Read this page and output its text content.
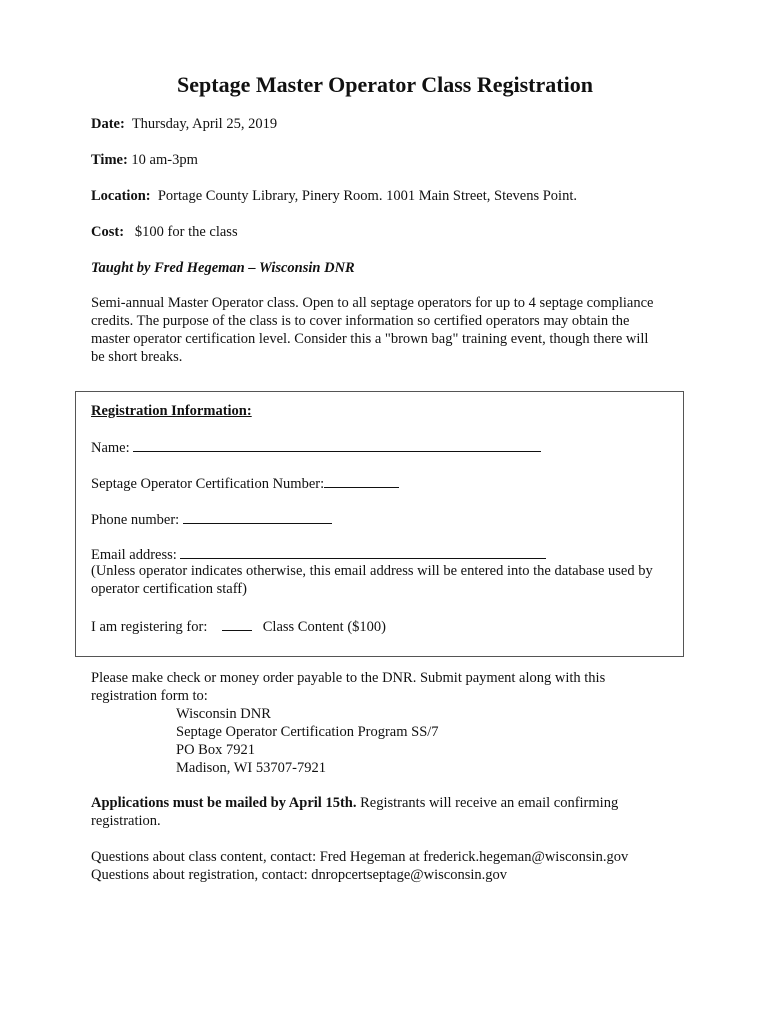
Septage Master Operator Class Registration
Date: Thursday, April 25, 2019
Time: 10 am-3pm
Location: Portage County Library, Pinery Room. 1001 Main Street, Stevens Point.
Cost: $100 for the class
Taught by Fred Hegeman – Wisconsin DNR

Semi-annual Master Operator class. Open to all septage operators for up to 4 septage compliance

credits. The purpose of the class is to cover information so certified operators may obtain the

master operator certification level. Consider this a "brown bag" training event, though there will

be short breaks.

Registration Information:
Name:
Septage Operator Certification Number:
Phone number:
Email address:
(Unless operator indicates otherwise, this email address will be entered into the database used by
operator certification staff)
I am registering for:	Class Content ($100)
Please make check or money order payable to the DNR. Submit payment along with this
registration form to:
Wisconsin DNR
Septage Operator Certification Program SS/7
PO Box 7921
Madison, WI 53707-7921
Applications must be mailed by April 15th. Registrants will receive an email confirming
registration.
Questions about class content, contact: Fred Hegeman at frederick.hegeman@wisconsin.gov
Questions about registration, contact: dnropcertseptage@wisconsin.gov
